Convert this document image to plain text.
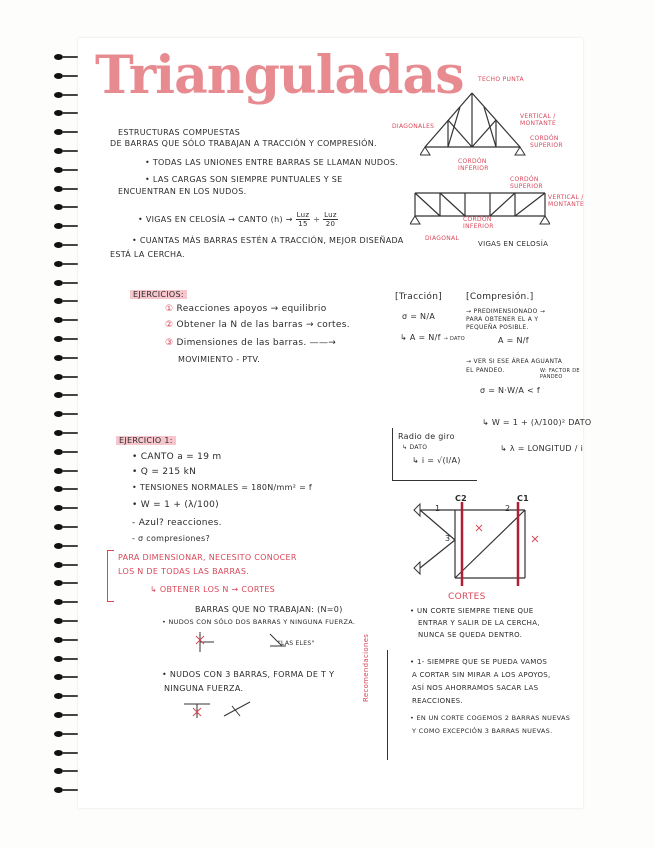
Trianguladas
ESTRUCTURAS COMPUESTAS
DE BARRAS QUE SÓLO TRABAJAN A TRACCIÓN Y COMPRESIÓN.
• TODAS LAS UNIONES ENTRE BARRAS SE LLAMAN NUDOS.
• LAS CARGAS SON SIEMPRE PUNTUALES Y SE
ENCUENTRAN EN LOS NUDOS.
• VIGAS EN CELOSÍA → CANTO $(h) \to \frac{\text{Luz}}{15} \div \frac{\text{Luz}}{20}$
• CUANTAS MÁS BARRAS ESTÉN A TRACCIÓN, MEJOR DISEÑADA
ESTÁ LA CERCHA.
TECHO PUNTA
DIAGONALES
VERTICAL / MONTANTE
CORDÓN SUPERIOR
CORDÓN INFERIOR
CORDÓN SUPERIOR
VERTICAL / MONTANTE
CORDÓN INFERIOR
DIAGONAL
VIGAS EN CELOSÍA
EJERCICIOS:
① Reacciones apoyos → equilibrio
② Obtener la N de las barras → cortes.
③ Dimensiones de las barras. ——→
MOVIMIENTO - PTV.
[Tracción]
σ = N/A
↳ A = N/f → DATO
[Compresión.]
→ PREDIMENSIONADO →
PARA OBTENER EL A Y
PEQUEÑA POSIBLE.
A = N/f
→ VER SI ESE ÁREA AGUANTA
EL PANDEO.	W: FACTOR DE PANDEO
σ = N·W/A < f
↳ W = 1 + (λ/100)² DATO
↳ λ = LONGITUD / i
Radio de giro
↳ DATO
↳ i = √(I/A)
EJERCICIO 1:
• CANTO a = 19 m
• Q = 215 kN
• TENSIONES NORMALES = 180N/mm² = f
• W = 1 + (λ/100)
- Azul? reacciones.
- σ compresiones?
PARA DIMENSIONAR, NECESITO CONOCER
LOS N DE TODAS LAS BARRAS.
↳ OBTENER LOS N → CORTES
BARRAS QUE NO TRABAJAN: (N=0)
• NUDOS CON SÓLO DOS BARRAS Y NINGUNA FUERZA.
"LAS ELES"
• NUDOS CON 3 BARRAS, FORMA DE T Y
NINGUNA FUERZA.
C2	C1
1	2
3
CORTES
• UN CORTE SIEMPRE TIENE QUE
ENTRAR Y SALIR DE LA CERCHA,
NUNCA SE QUEDA DENTRO.
Recomendaciones	• 1- SIEMPRE QUE SE PUEDA VAMOS
A CORTAR SIN MIRAR A LOS APOYOS,
ASÍ NOS AHORRAMOS SACAR LAS
REACCIONES.
• EN UN CORTE COGEMOS 2 BARRAS NUEVAS
Y COMO EXCEPCIÓN 3 BARRAS NUEVAS.
